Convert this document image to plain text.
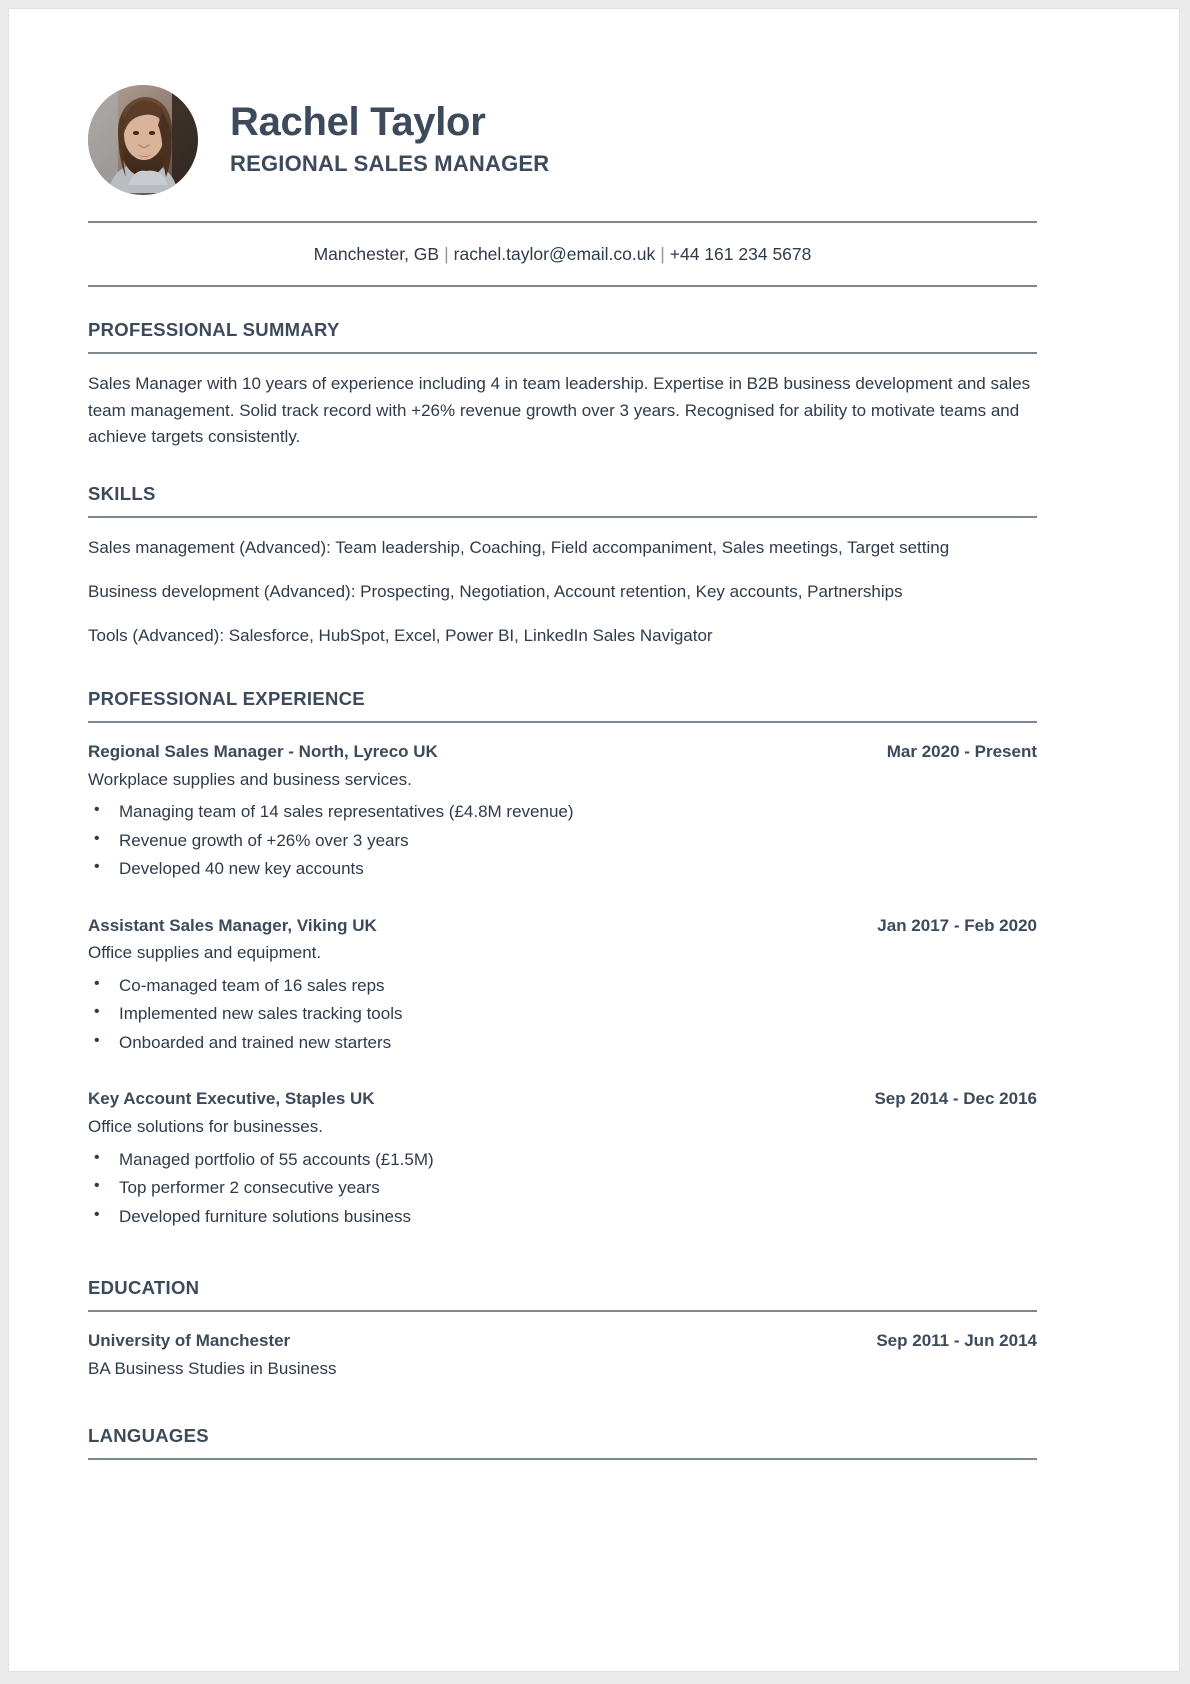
Rachel Taylor
REGIONAL SALES MANAGER
Manchester, GB | rachel.taylor@email.co.uk | +44 161 234 5678
PROFESSIONAL SUMMARY

Sales Manager with 10 years of experience including 4 in team leadership. Expertise in B2B business development and sales team management. Solid track record with +26% revenue growth over 3 years. Recognised for ability to motivate teams and achieve targets consistently.

SKILLS
Sales management (Advanced): Team leadership, Coaching, Field accompaniment, Sales meetings, Target setting
Business development (Advanced): Prospecting, Negotiation, Account retention, Key accounts, Partnerships
Tools (Advanced): Salesforce, HubSpot, Excel, Power BI, LinkedIn Sales Navigator
PROFESSIONAL EXPERIENCE
Regional Sales Manager - North, Lyreco UK	Mar 2020 - Present
Workplace supplies and business services.
• Managing team of 14 sales representatives (£4.8M revenue)
• Revenue growth of +26% over 3 years
• Developed 40 new key accounts
Assistant Sales Manager, Viking UK	Jan 2017 - Feb 2020
Office supplies and equipment.
• Co-managed team of 16 sales reps
• Implemented new sales tracking tools
• Onboarded and trained new starters
Key Account Executive, Staples UK	Sep 2014 - Dec 2016
Office solutions for businesses.
• Managed portfolio of 55 accounts (£1.5M)
• Top performer 2 consecutive years
• Developed furniture solutions business
EDUCATION
University of Manchester	Sep 2011 - Jun 2014
BA Business Studies in Business
LANGUAGES
